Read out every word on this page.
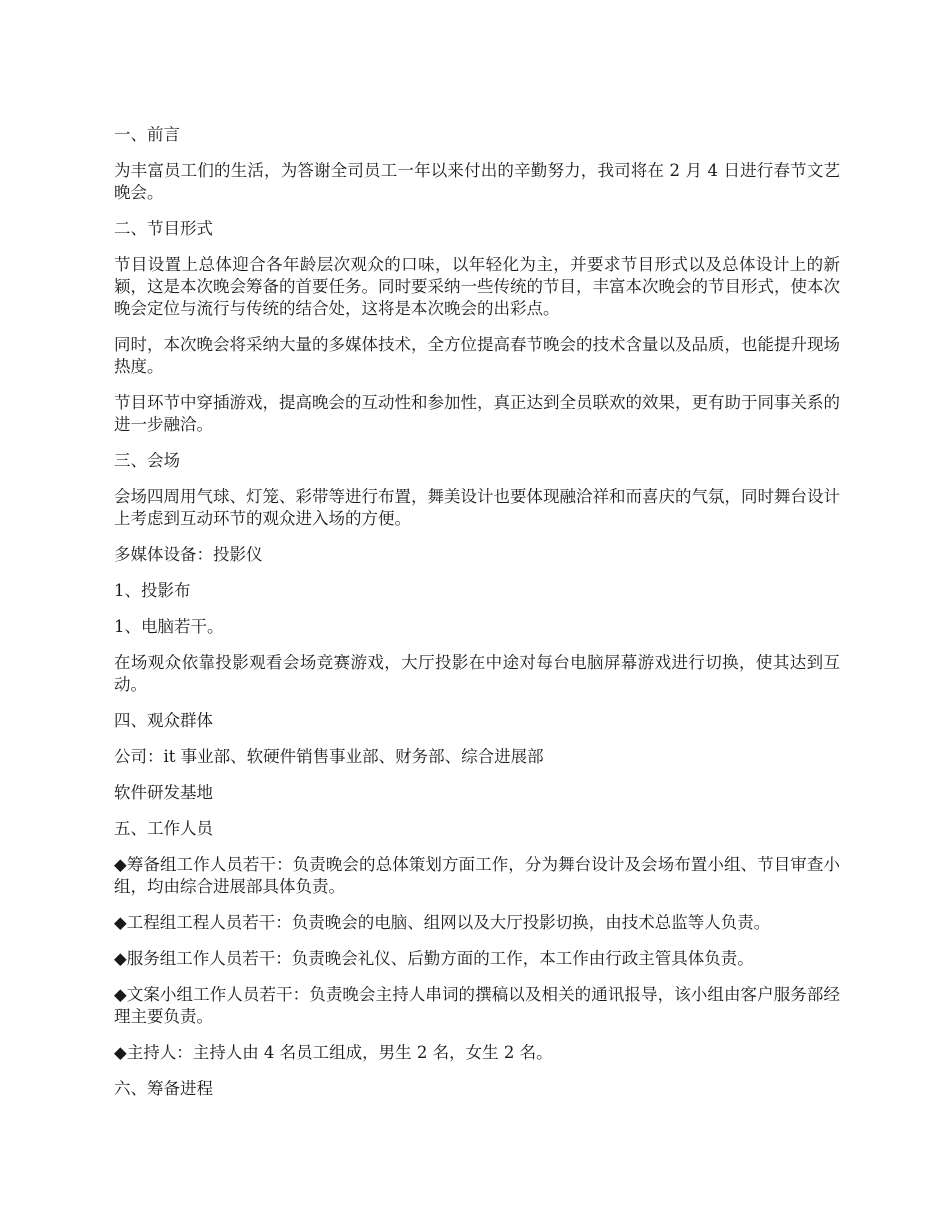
一、前言

为丰富员工们的生活，为答谢全司员工一年以来付出的辛勤努力，我司将在 2 月 4 日进行春节文艺晚会。

二、节目形式

节目设置上总体迎合各年龄层次观众的口味，以年轻化为主，并要求节目形式以及总体设计上的新颖，这是本次晚会筹备的首要任务。同时要采纳一些传统的节目，丰富本次晚会的节目形式，使本次晚会定位与流行与传统的结合处，这将是本次晚会的出彩点。

同时，本次晚会将采纳大量的多媒体技术，全方位提高春节晚会的技术含量以及品质，也能提升现场热度。

节目环节中穿插游戏，提高晚会的互动性和参加性，真正达到全员联欢的效果，更有助于同事关系的进一步融洽。

三、会场

会场四周用气球、灯笼、彩带等进行布置，舞美设计也要体现融洽祥和而喜庆的气氛，同时舞台设计上考虑到互动环节的观众进入场的方便。

多媒体设备：投影仪

1、投影布

1、电脑若干。

在场观众依靠投影观看会场竞赛游戏，大厅投影在中途对每台电脑屏幕游戏进行切换，使其达到互动。

四、观众群体

公司：it 事业部、软硬件销售事业部、财务部、综合进展部

软件研发基地

五、工作人员

◆筹备组工作人员若干：负责晚会的总体策划方面工作，分为舞台设计及会场布置小组、节目审查小组，均由综合进展部具体负责。

◆工程组工程人员若干：负责晚会的电脑、组网以及大厅投影切换，由技术总监等人负责。

◆服务组工作人员若干：负责晚会礼仪、后勤方面的工作，本工作由行政主管具体负责。

◆文案小组工作人员若干：负责晚会主持人串词的撰稿以及相关的通讯报导，该小组由客户服务部经理主要负责。

◆主持人：主持人由 4 名员工组成，男生 2 名，女生 2 名。

六、筹备进程
